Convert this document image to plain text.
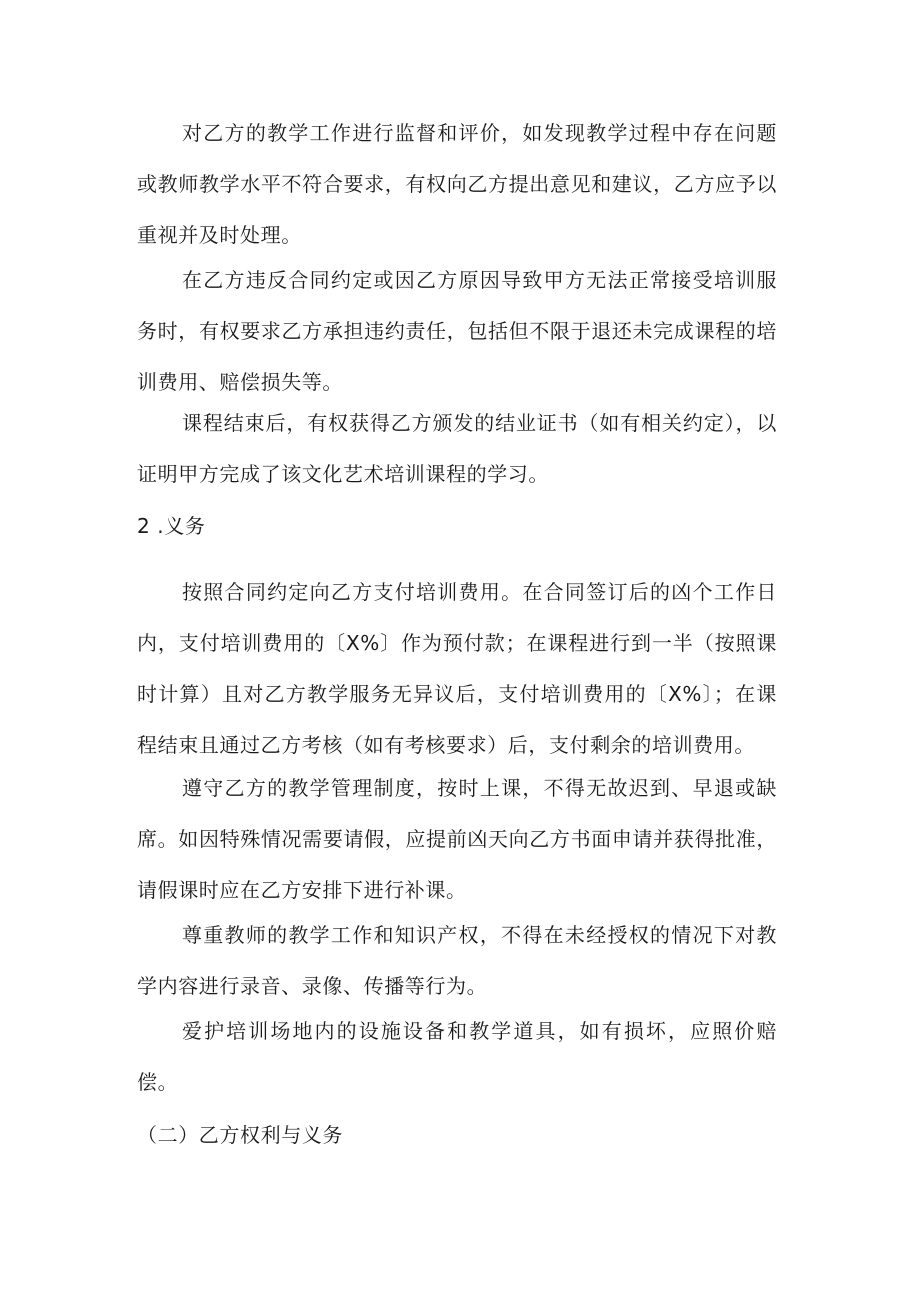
对乙方的教学工作进行监督和评价，如发现教学过程中存在问题或教师教学水平不符合要求，有权向乙方提出意见和建议，乙方应予以重视并及时处理。

在乙方违反合同约定或因乙方原因导致甲方无法正常接受培训服务时，有权要求乙方承担违约责任，包括但不限于退还未完成课程的培训费用、赔偿损失等。

课程结束后，有权获得乙方颁发的结业证书（如有相关约定），以证明甲方完成了该文化艺术培训课程的学习。

2 .义务

按照合同约定向乙方支付培训费用。在合同签订后的凶个工作日内，支付培训费用的〔X%〕作为预付款；在课程进行到一半（按照课时计算）且对乙方教学服务无异议后，支付培训费用的〔X%〕；在课程结束且通过乙方考核（如有考核要求）后，支付剩余的培训费用。

遵守乙方的教学管理制度，按时上课，不得无故迟到、早退或缺席。如因特殊情况需要请假，应提前凶天向乙方书面申请并获得批准，请假课时应在乙方安排下进行补课。

尊重教师的教学工作和知识产权，不得在未经授权的情况下对教学内容进行录音、录像、传播等行为。

爱护培训场地内的设施设备和教学道具，如有损坏，应照价赔偿。

（二）乙方权利与义务
